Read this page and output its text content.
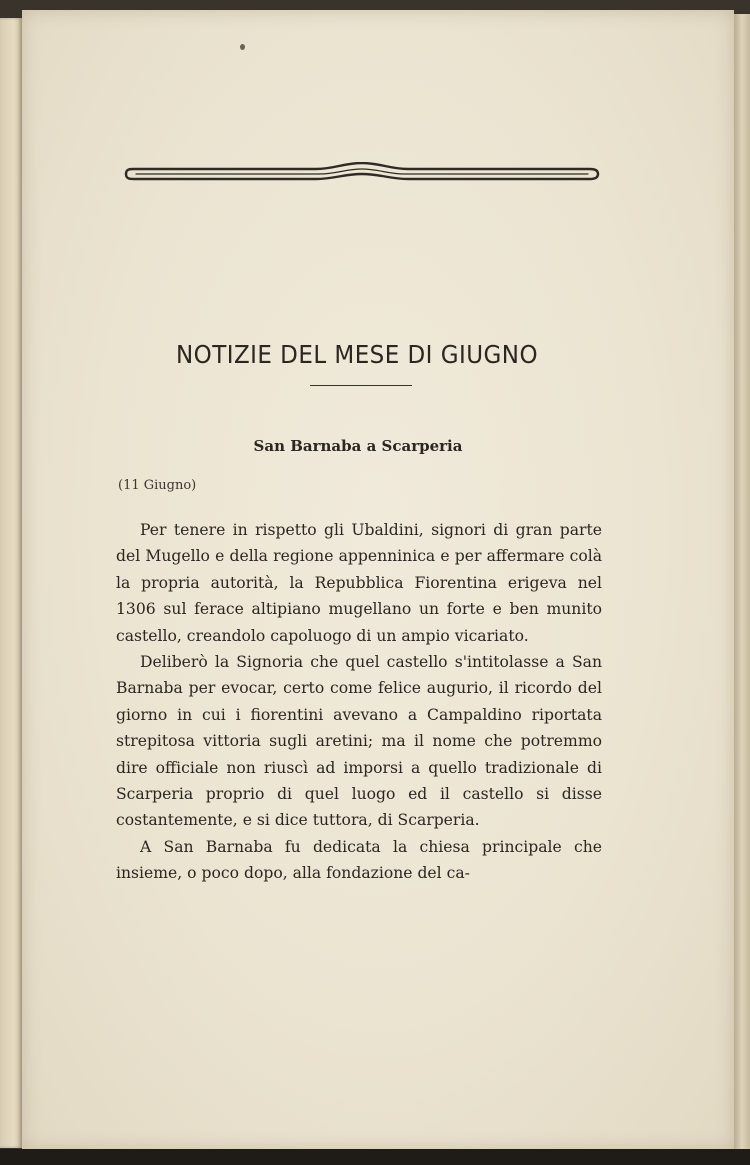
NOTIZIE DEL MESE DI GIUGNO
San Barnaba a Scarperia
(11 Giugno)

Per tenere in rispetto gli Ubaldini, signori di gran parte del Mugello e della regione appenninica e per affermare colà la propria autorità, la Repubblica Fiorentina erigeva nel 1306 sul ferace altipiano mugellano un forte e ben munito castello, creandolo capoluogo di un ampio vicariato.

Deliberò la Signoria che quel castello s'intitolasse a San Barnaba per evocar, certo come felice augurio, il ricordo del giorno in cui i fiorentini avevano a Campaldino riportata strepitosa vittoria sugli aretini; ma il nome che potremmo dire officiale non riuscì ad imporsi a quello tradizionale di Scarperia proprio di quel luogo ed il castello si disse costantemente, e si dice tuttora, di Scarperia.

A San Barnaba fu dedicata la chiesa principale che insieme, o poco dopo, alla fondazione del ca-
